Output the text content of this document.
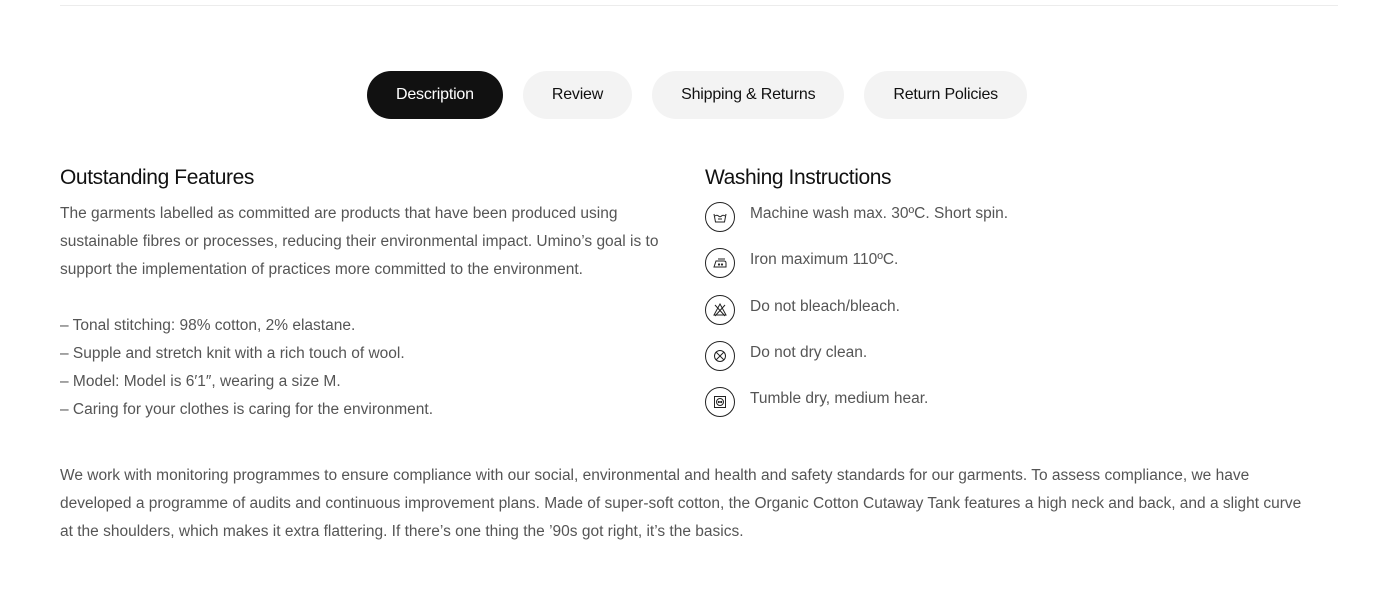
Description	Review	Shipping & Returns	Return Policies
Outstanding Features

The garments labelled as committed are products that have been produced using sustainable fibres or processes, reducing their environmental impact. Umino’s goal is to support the implementation of practices more committed to the environment.

– Tonal stitching: 98% cotton, 2% elastane.
– Supple and stretch knit with a rich touch of wool.
– Model: Model is 6′1″, wearing a size M.
– Caring for your clothes is caring for the environment.
Washing Instructions
Machine wash max. 30ºC. Short spin.
Iron maximum 110ºC.
Do not bleach/bleach.
Do not dry clean.
Tumble dry, medium hear.

We work with monitoring programmes to ensure compliance with our social, environmental and health and safety standards for our garments. To assess compliance, we have developed a programme of audits and continuous improvement plans. Made of super-soft cotton, the Organic Cotton Cutaway Tank features a high neck and back, and a slight curve at the shoulders, which makes it extra flattering. If there’s one thing the ’90s got right, it’s the basics.
